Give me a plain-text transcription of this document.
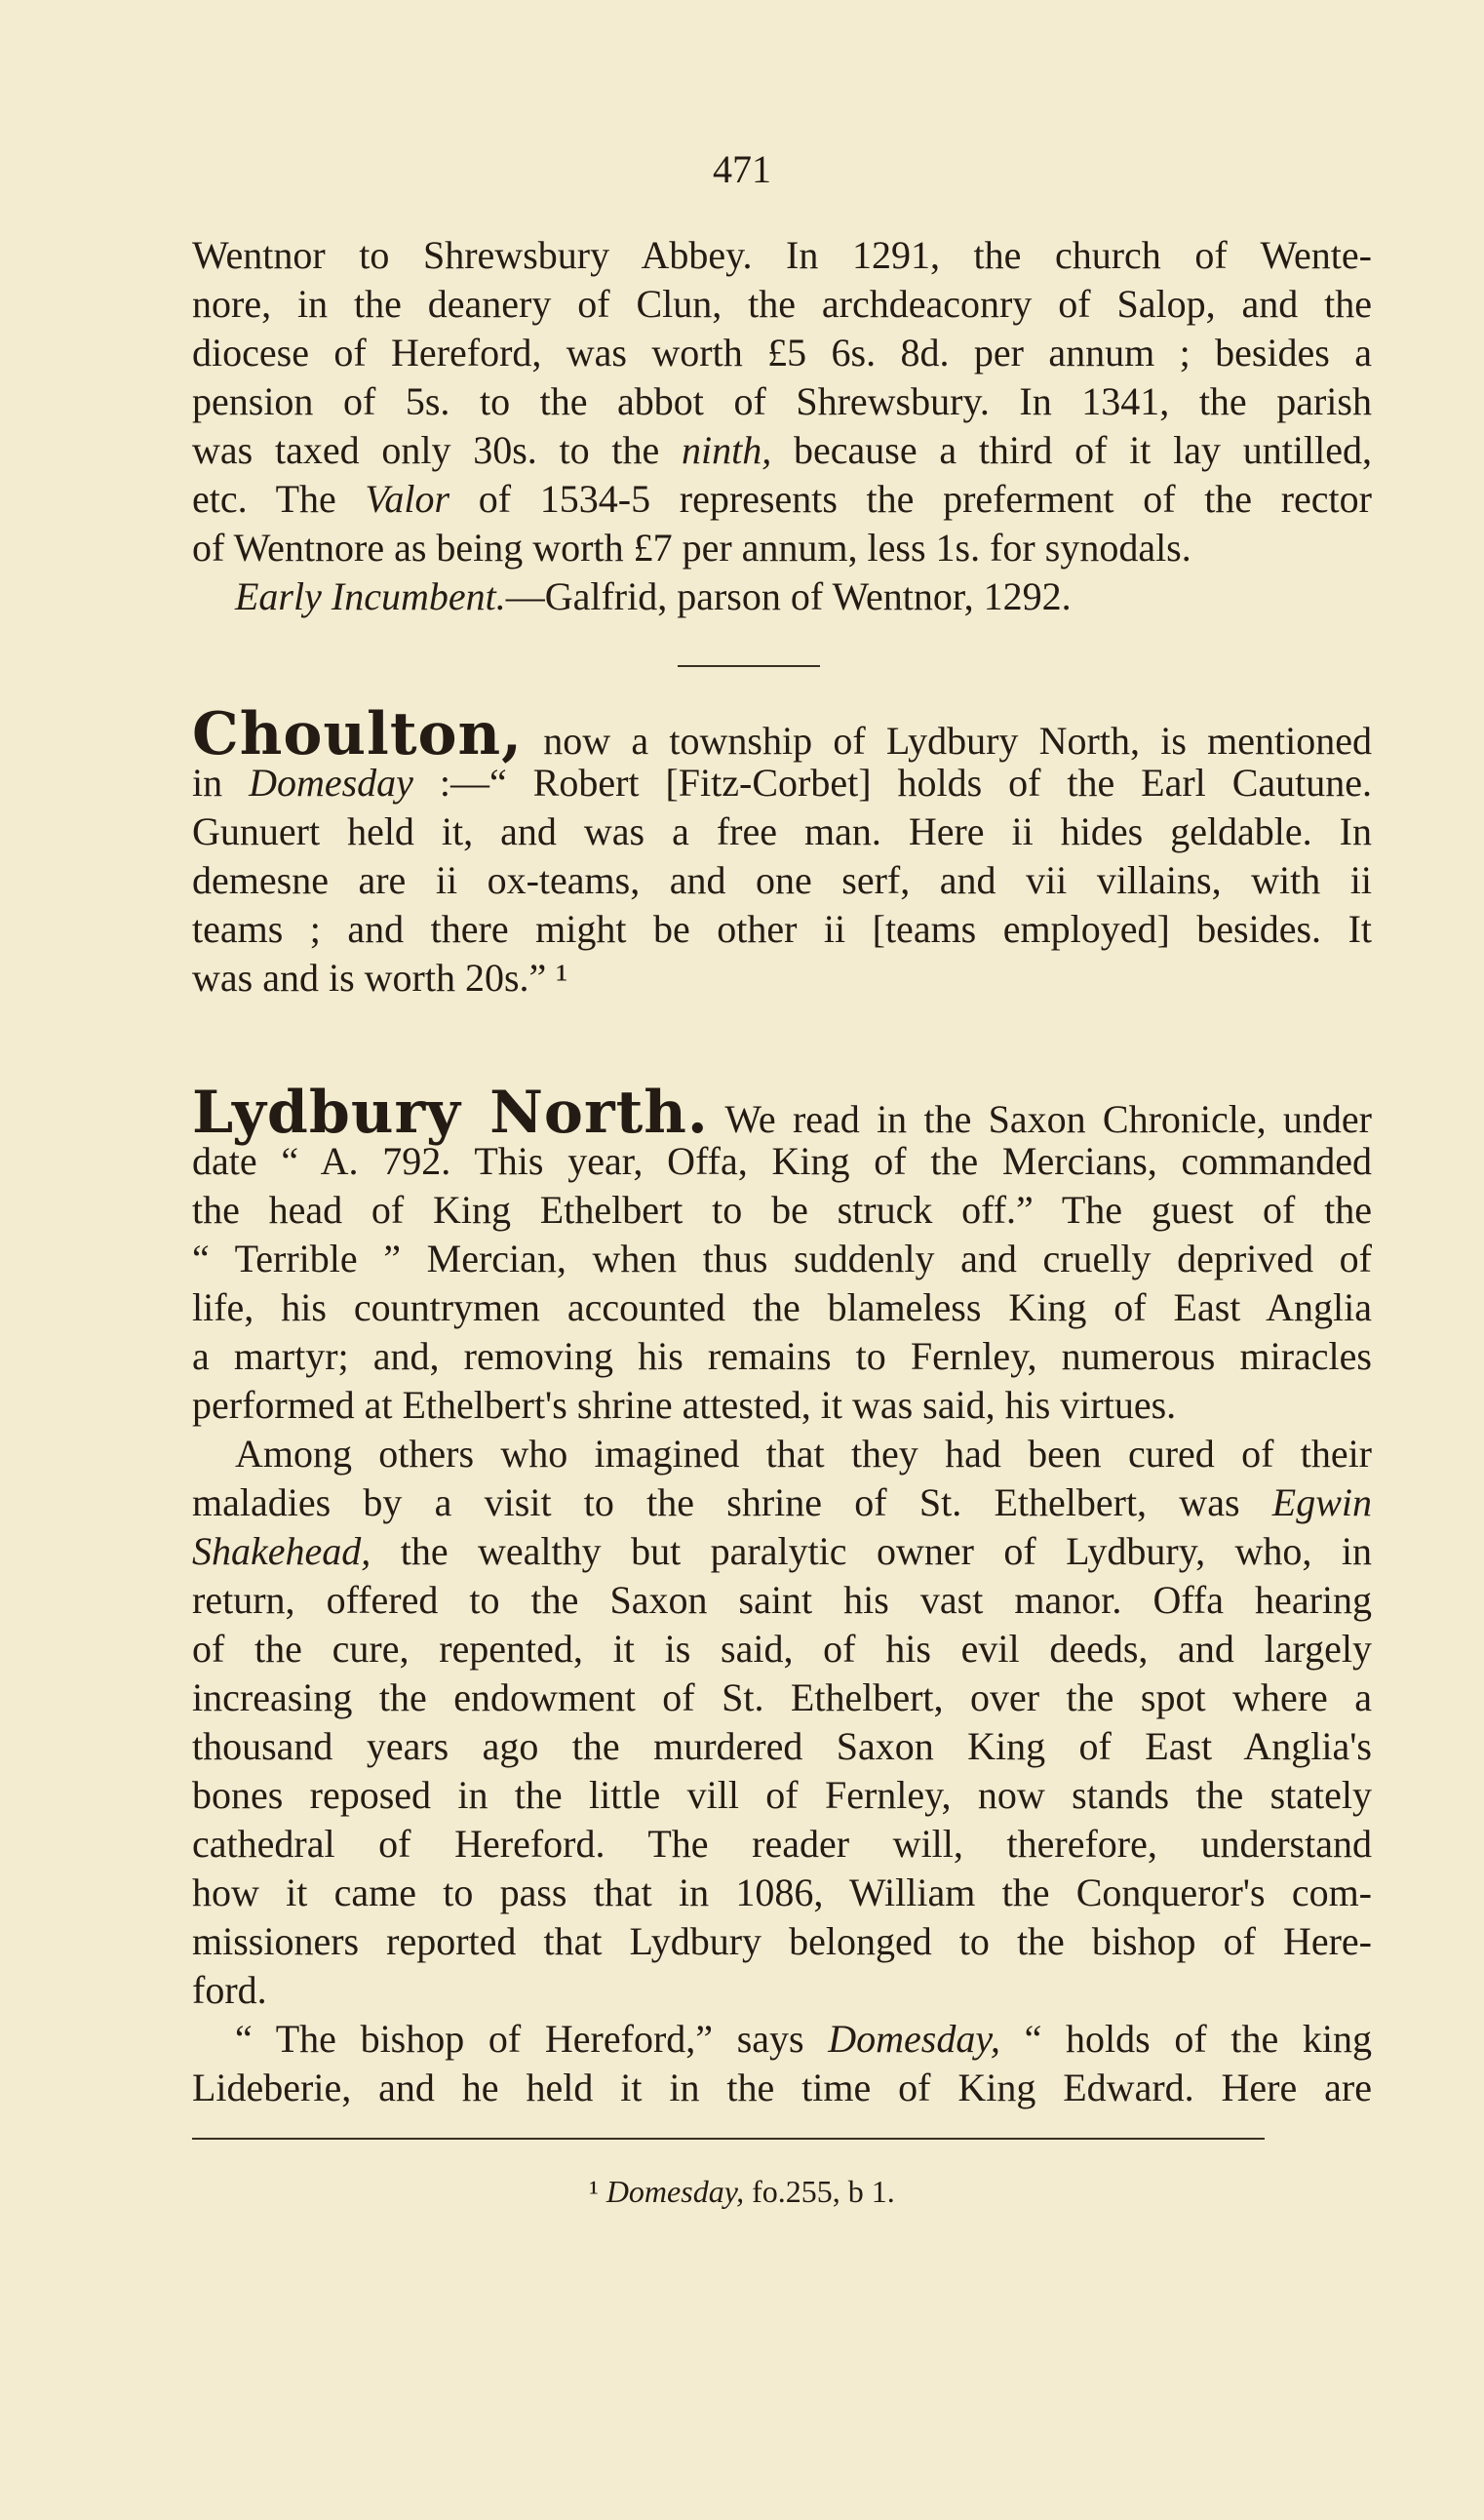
471
Wentnor to Shrewsbury Abbey. In 1291, the church of Wente-
nore, in the deanery of Clun, the archdeaconry of Salop, and the
diocese of Hereford, was worth £5 6s. 8d. per annum ; besides a
pension of 5s. to the abbot of Shrewsbury. In 1341, the parish
was taxed only 30s. to the ninth, because a third of it lay untilled,
etc. The Valor of 1534-5 represents the preferment of the rector
of Wentnore as being worth £7 per annum, less 1s. for synodals.
Early Incumbent.—Galfrid, parson of Wentnor, 1292.
Choulton, now a township of Lydbury North, is mentioned
in Domesday :—“ Robert [Fitz-Corbet] holds of the Earl Cautune.
Gunuert held it, and was a free man. Here ii hides geldable. In
demesne are ii ox-teams, and one serf, and vii villains, with ii
teams ; and there might be other ii [teams employed] besides. It
was and is worth 20s.” ¹
Lydbury North. We read in the Saxon Chronicle, under
date “ A. 792. This year, Offa, King of the Mercians, commanded
the head of King Ethelbert to be struck off.” The guest of the
“ Terrible ” Mercian, when thus suddenly and cruelly deprived of
life, his countrymen accounted the blameless King of East Anglia
a martyr; and, removing his remains to Fernley, numerous miracles
performed at Ethelbert's shrine attested, it was said, his virtues.
Among others who imagined that they had been cured of their
maladies by a visit to the shrine of St. Ethelbert, was Egwin
Shakehead, the wealthy but paralytic owner of Lydbury, who, in
return, offered to the Saxon saint his vast manor. Offa hearing
of the cure, repented, it is said, of his evil deeds, and largely
increasing the endowment of St. Ethelbert, over the spot where a
thousand years ago the murdered Saxon King of East Anglia's
bones reposed in the little vill of Fernley, now stands the stately
cathedral of Hereford. The reader will, therefore, understand
how it came to pass that in 1086, William the Conqueror's com-
missioners reported that Lydbury belonged to the bishop of Here-
ford.
“ The bishop of Hereford,” says Domesday, “ holds of the king
Lideberie, and he held it in the time of King Edward. Here are
¹ Domesday, fo.255, b 1.
